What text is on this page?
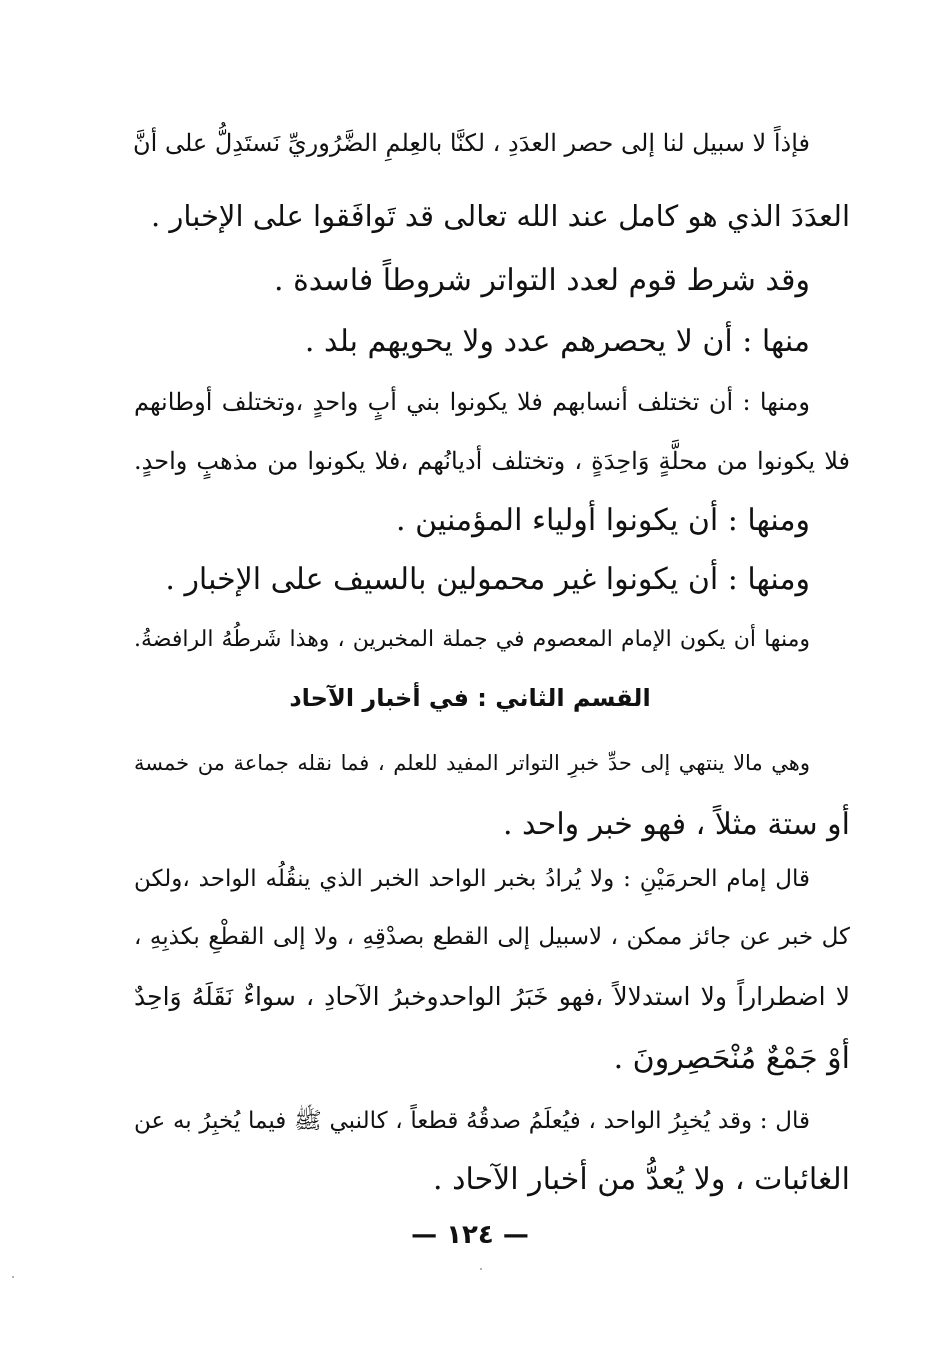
فإذاً لا سبيل لنا إلى حصر العدَدِ ، لكنَّا بالعِلمِ الضَّرُوريِّ نَستَدِلُّ على أنَّ
العدَدَ الذي هو كامل عند الله تعالى قد تَوافَقوا على الإخبار .
وقد شرط قوم لعدد التواتر شروطاً فاسدة .
منها : أن لا يحصرهم عدد ولا يحويهم بلد .
ومنها : أن تختلف أنسابهم فلا يكونوا بني أبٍ واحدٍ ،وتختلف أوطانهم
فلا يكونوا من محلَّةٍ وَاحِدَةٍ ، وتختلف أديانُهم ،فلا يكونوا من مذهبٍ واحدٍ.
ومنها : أن يكونوا أولياء المؤمنين .
ومنها : أن يكونوا غير محمولين بالسيف على الإخبار .
ومنها أن يكون الإمام المعصوم في جملة المخبرين ، وهذا شَرطُهُ الرافضةُ.
القسم الثاني : في أخبار الآحاد
وهي مالا ينتهي إلى حدِّ خبرِ التواتر المفيد للعلم ، فما نقله جماعة من خمسة
أو ستة مثلاً ، فهو خبر واحد .
قال إمام الحرمَيْنِ : ولا يُرادُ بخبر الواحد الخبر الذي ينقُلُه الواحد ،ولكن
كل خبر عن جائز ممكن ، لاسبيل إلى القطع بصدْقِهِ ، ولا إلى القطْعِ بكذبِهِ ،
لا اضطراراً ولا استدلالاً ،فهو خَبَرُ الواحدوخبرُ الآحادِ ، سواءٌ نَقَلَهُ وَاحِدٌ
أوْ جَمْعٌ مُنْحَصِرونَ .
قال : وقد يُخبِرُ الواحد ، فيُعلَمُ صدقُهُ قطعاً ، كالنبي ﷺ فيما يُخبِرُ به عن
الغائبات ، ولا يُعدُّ من أخبار الآحاد .
— ١٢٤ —
